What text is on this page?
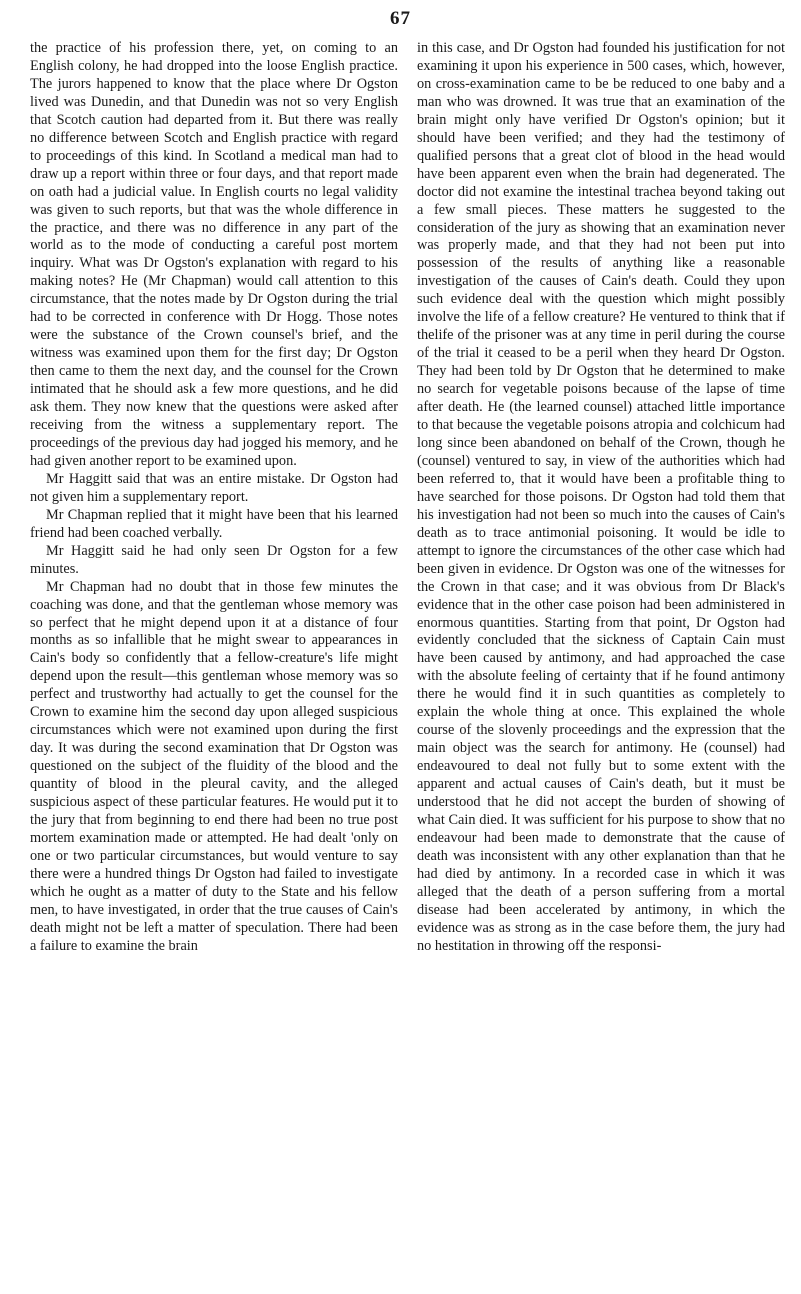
67

the practice of his profession there, yet, on coming to an English colony, he had dropped into the loose English practice. The jurors happened to know that the place where Dr Ogston lived was Dunedin, and that Dunedin was not so very English that Scotch caution had departed from it. But there was really no difference between Scotch and English practice with regard to proceedings of this kind. In Scotland a medical man had to draw up a report within three or four days, and that report made on oath had a judicial value. In English courts no legal validity was given to such reports, but that was the whole difference in the practice, and there was no difference in any part of the world as to the mode of conducting a careful post mortem inquiry. What was Dr Ogston's explanation with regard to his making notes? He (Mr Chapman) would call attention to this circumstance, that the notes made by Dr Ogston during the trial had to be corrected in conference with Dr Hogg. Those notes were the substance of the Crown counsel's brief, and the witness was examined upon them for the first day; Dr Ogston then came to them the next day, and the counsel for the Crown intimated that he should ask a few more questions, and he did ask them. They now knew that the questions were asked after receiving from the witness a supplementary report. The proceedings of the previous day had jogged his memory, and he had given another report to be examined upon.

Mr Haggitt said that was an entire mistake. Dr Ogston had not given him a supplementary report.

Mr Chapman replied that it might have been that his learned friend had been coached verbally.

Mr Haggitt said he had only seen Dr Ogston for a few minutes.

Mr Chapman had no doubt that in those few minutes the coaching was done, and that the gentleman whose memory was so perfect that he might depend upon it at a distance of four months as so infallible that he might swear to appearances in Cain's body so confidently that a fellow-creature's life might depend upon the result—this gentleman whose memory was so perfect and trustworthy had actually to get the counsel for the Crown to examine him the second day upon alleged suspicious circumstances which were not examined upon during the first day. It was during the second examination that Dr Ogston was questioned on the subject of the fluidity of the blood and the quantity of blood in the pleural cavity, and the alleged suspicious aspect of these particular features. He would put it to the jury that from beginning to end there had been no true post mortem examination made or attempted. He had dealt 'only on one or two particular circumstances, but would venture to say there were a hundred things Dr Ogston had failed to investigate which he ought as a matter of duty to the State and his fellow men, to have investigated, in order that the true causes of Cain's death might not be left a matter of speculation. There had been a failure to examine the brain

in this case, and Dr Ogston had founded his justification for not examining it upon his experience in 500 cases, which, however, on cross-examination came to be be reduced to one baby and a man who was drowned. It was true that an examination of the brain might only have verified Dr Ogston's opinion; but it should have been verified; and they had the testimony of qualified persons that a great clot of blood in the head would have been apparent even when the brain had degenerated. The doctor did not examine the intestinal trachea beyond taking out a few small pieces. These matters he suggested to the consideration of the jury as showing that an examination never was properly made, and that they had not been put into possession of the results of anything like a reasonable investigation of the causes of Cain's death. Could they upon such evidence deal with the question which might possibly involve the life of a fellow creature? He ventured to think that if thelife of the prisoner was at any time in peril during the course of the trial it ceased to be a peril when they heard Dr Ogston. They had been told by Dr Ogston that he determined to make no search for vegetable poisons because of the lapse of time after death. He (the learned counsel) attached little importance to that because the vegetable poisons atropia and colchicum had long since been abandoned on behalf of the Crown, though he (counsel) ventured to say, in view of the authorities which had been referred to, that it would have been a profitable thing to have searched for those poisons. Dr Ogston had told them that his investigation had not been so much into the causes of Cain's death as to trace antimonial poisoning. It would be idle to attempt to ignore the circumstances of the other case which had been given in evidence. Dr Ogston was one of the witnesses for the Crown in that case; and it was obvious from Dr Black's evidence that in the other case poison had been administered in enormous quantities. Starting from that point, Dr Ogston had evidently concluded that the sickness of Captain Cain must have been caused by antimony, and had approached the case with the absolute feeling of certainty that if he found antimony there he would find it in such quantities as completely to explain the whole thing at once. This explained the whole course of the slovenly proceedings and the expression that the main object was the search for antimony. He (counsel) had endeavoured to deal not fully but to some extent with the apparent and actual causes of Cain's death, but it must be understood that he did not accept the burden of showing of what Cain died. It was sufficient for his purpose to show that no endeavour had been made to demonstrate that the cause of death was inconsistent with any other explanation than that he had died by antimony. In a recorded case in which it was alleged that the death of a person suffering from a mortal disease had been accelerated by antimony, in which the evidence was as strong as in the case before them, the jury had no hestitation in throwing off the responsi-
